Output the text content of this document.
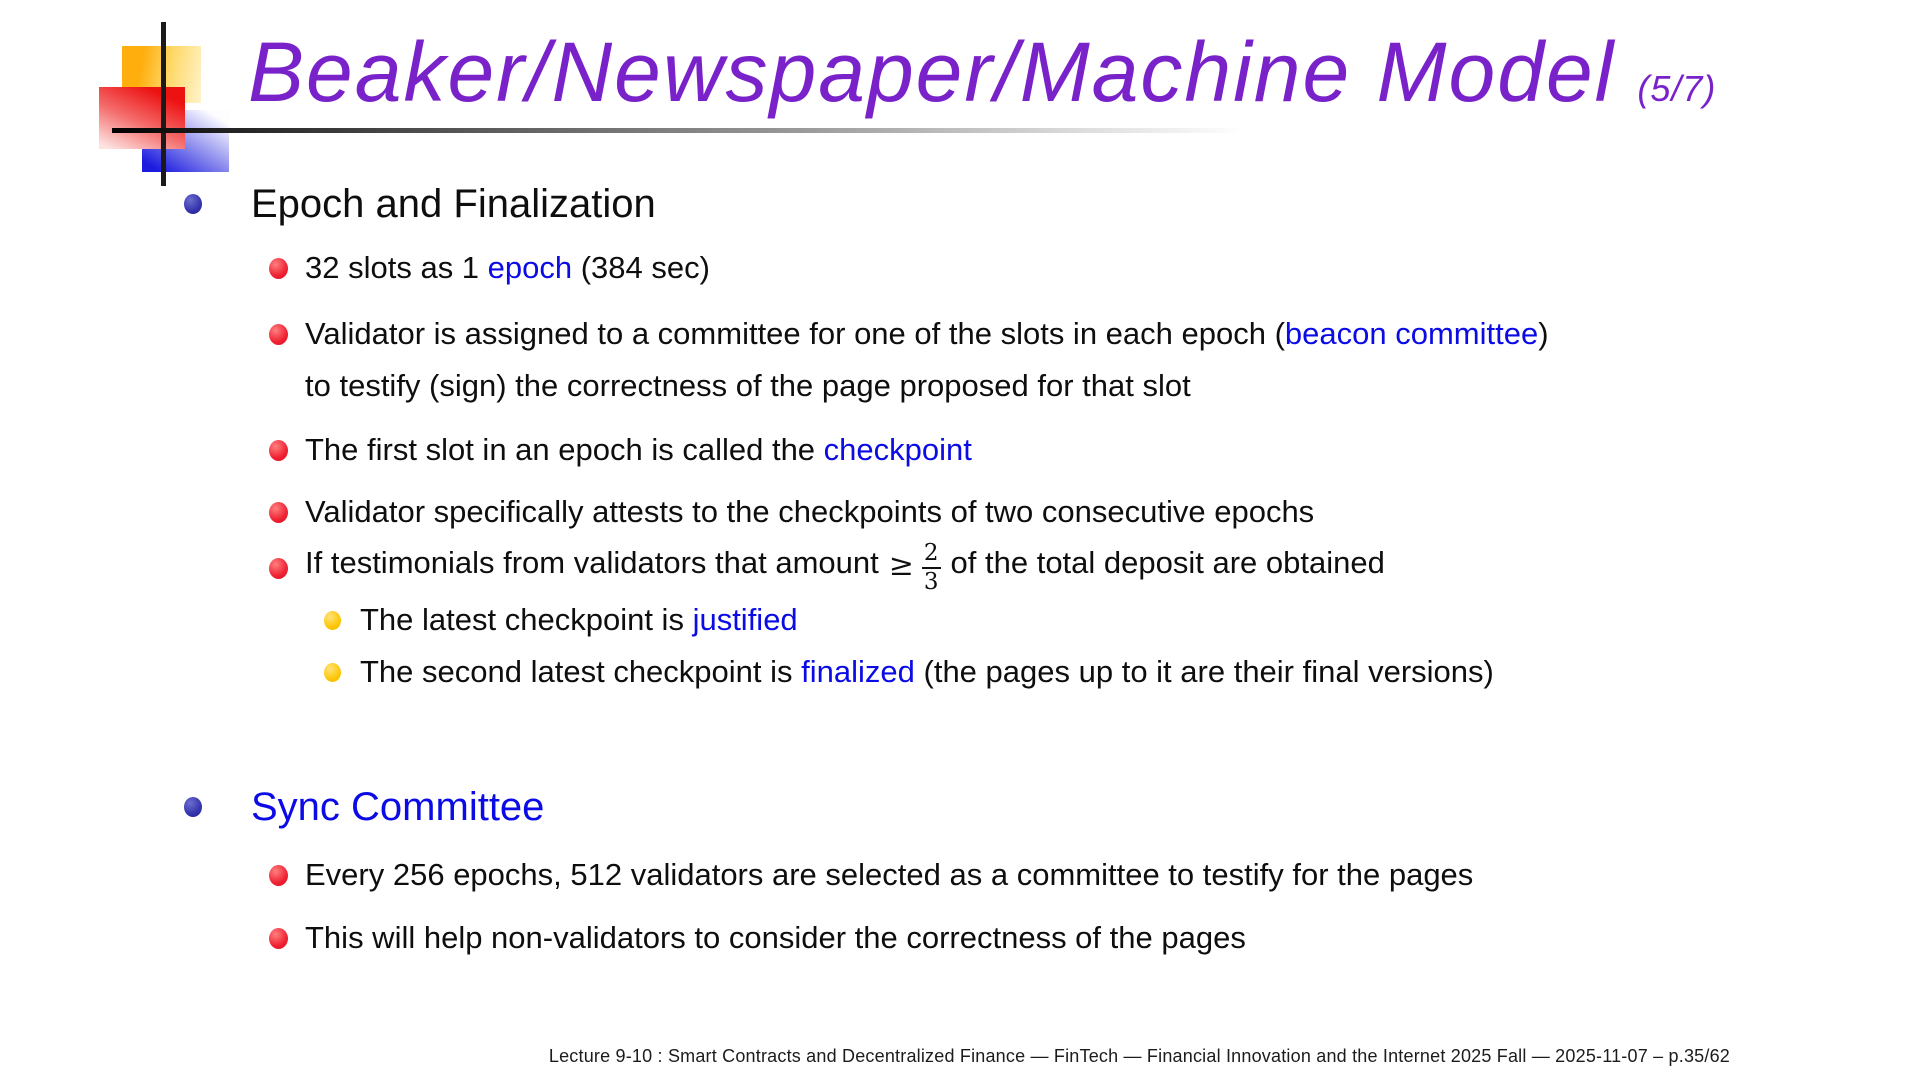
Beaker/Newspaper/Machine Model (5/7)
Epoch and Finalization
32 slots as 1 epoch (384 sec)
Validator is assigned to a committee for one of the slots in each epoch (beacon committee)
to testify (sign) the correctness of the page proposed for that slot
The first slot in an epoch is called the checkpoint
Validator specifically attests to the checkpoints of two consecutive epochs
If testimonials from validators that amount ≥ $\frac{2}{3}$ of the total deposit are obtained
The latest checkpoint is justified
The second latest checkpoint is finalized (the pages up to it are their final versions)
Sync Committee
Every 256 epochs, 512 validators are selected as a committee to testify for the pages
This will help non-validators to consider the correctness of the pages
Lecture 9-10 : Smart Contracts and Decentralized Finance — FinTech — Financial Innovation and the Internet 2025 Fall — 2025-11-07 – p.35/62
